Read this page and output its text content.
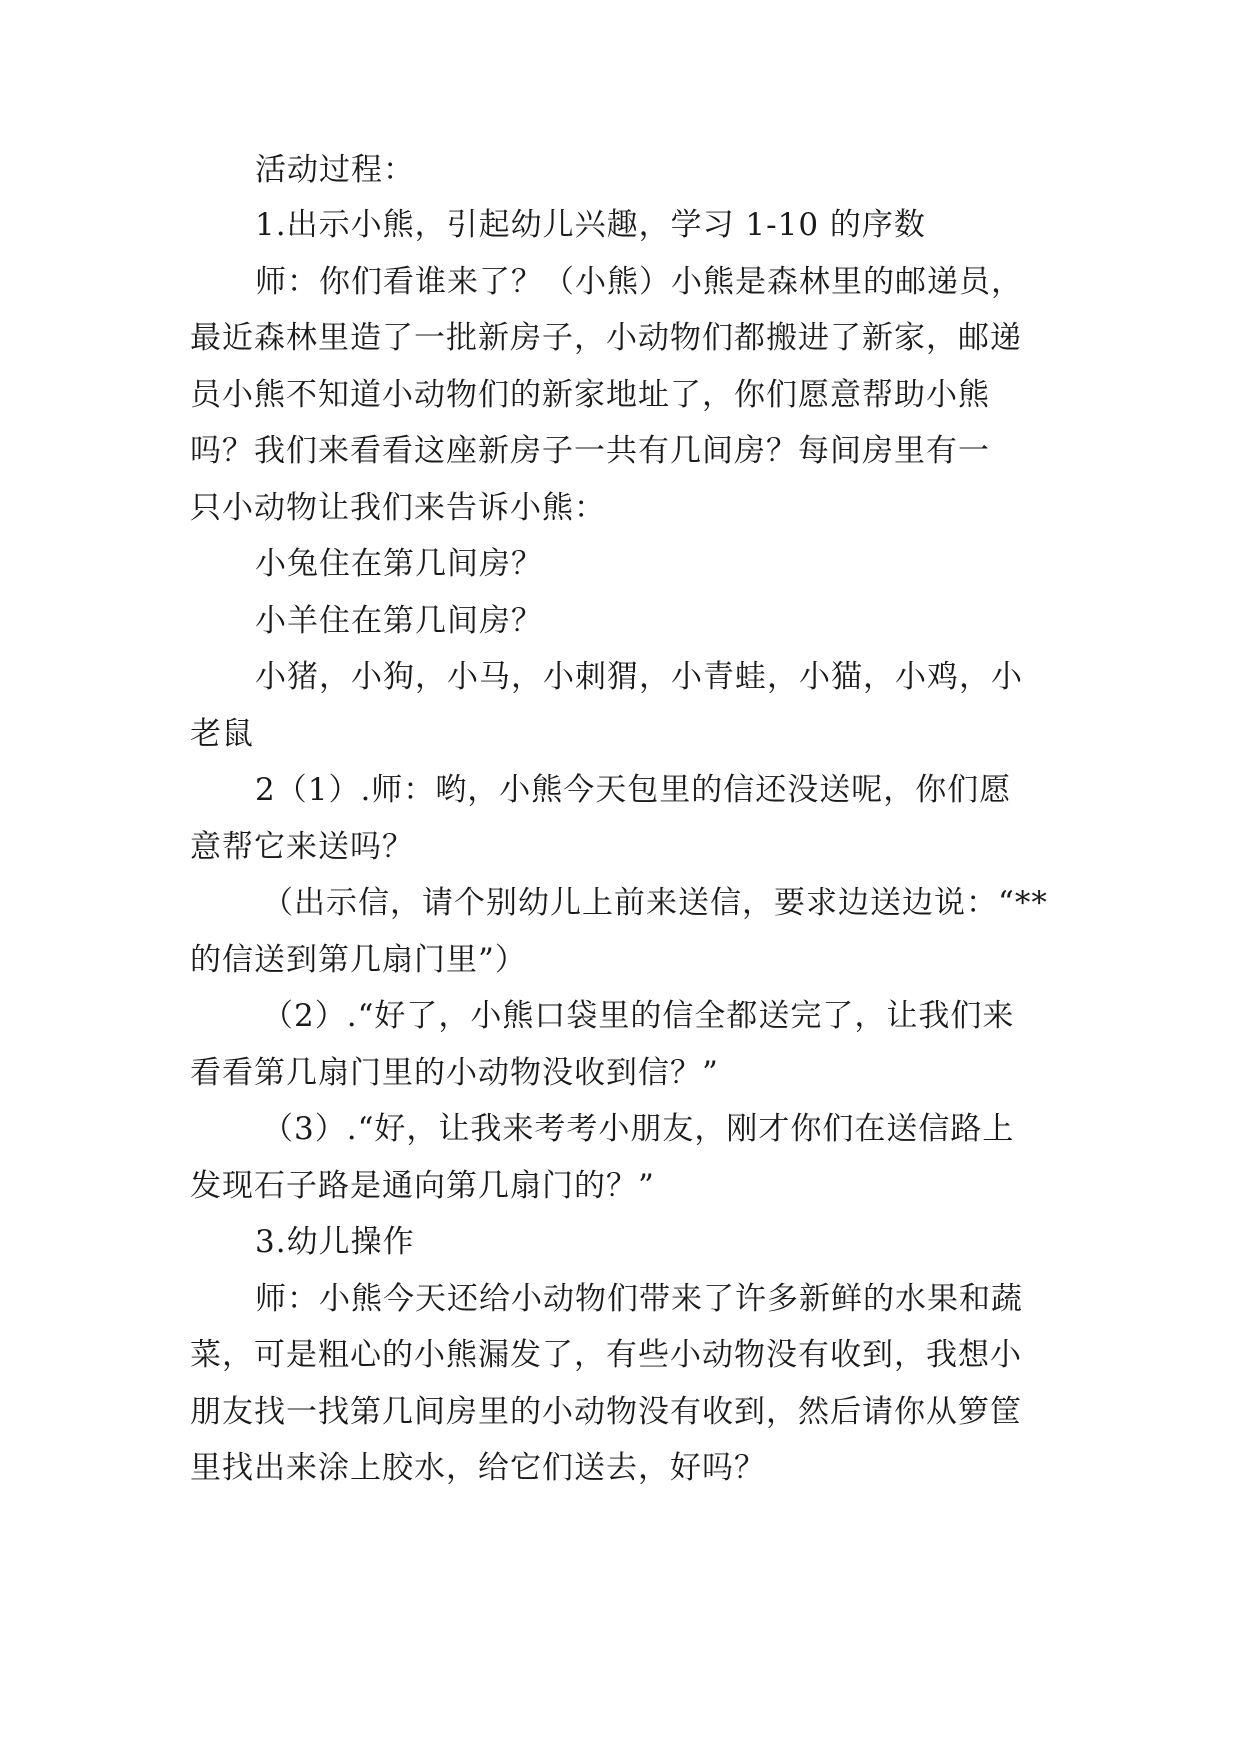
活动过程：
1.出示小熊，引起幼儿兴趣，学习 1-10 的序数
师：你们看谁来了？（小熊）小熊是森林里的邮递员，
最近森林里造了一批新房子，小动物们都搬进了新家，邮递
员小熊不知道小动物们的新家地址了，你们愿意帮助小熊
吗？我们来看看这座新房子一共有几间房？每间房里有一
只小动物让我们来告诉小熊：
小兔住在第几间房？
小羊住在第几间房？
小猪，小狗，小马，小刺猬，小青蛙，小猫，小鸡，小
老鼠
2（1）.师：哟，小熊今天包里的信还没送呢，你们愿
意帮它来送吗？
（出示信，请个别幼儿上前来送信，要求边送边说：“**
的信送到第几扇门里”）
（2）.“好了，小熊口袋里的信全都送完了，让我们来
看看第几扇门里的小动物没收到信？”
（3）.“好，让我来考考小朋友，刚才你们在送信路上
发现石子路是通向第几扇门的？”
3.幼儿操作
师：小熊今天还给小动物们带来了许多新鲜的水果和蔬
菜，可是粗心的小熊漏发了，有些小动物没有收到，我想小
朋友找一找第几间房里的小动物没有收到，然后请你从箩筐
里找出来涂上胶水，给它们送去，好吗？
